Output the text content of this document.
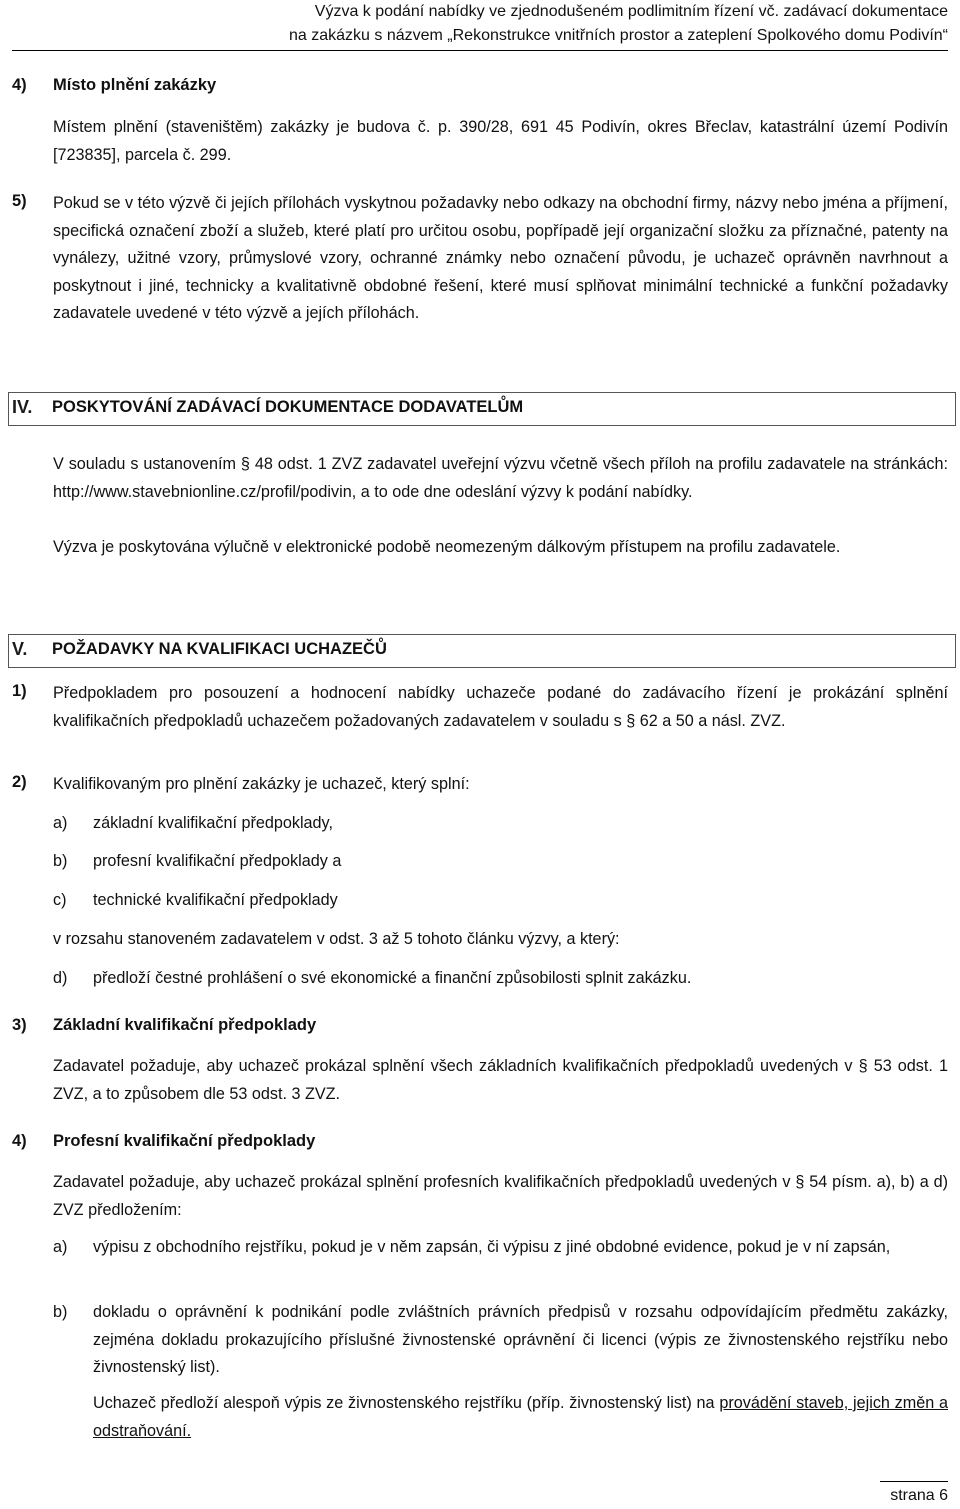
Výzva k podání nabídky ve zjednodušeném podlimitním řízení vč. zadávací dokumentace
na zakázku s názvem „Rekonstrukce vnitřních prostor a zateplení Spolkového domu Podivín“
4) Místo plnění zakázky

Místem plnění (staveništěm) zakázky je budova č. p. 390/28, 691 45 Podivín, okres Břeclav, katastrální území Podivín [723835], parcela č. 299.

5) Pokud se v této výzvě či jejích přílohách vyskytnou požadavky nebo odkazy na obchodní firmy, názvy nebo jména a příjmení, specifická označení zboží a služeb, které platí pro určitou osobu, popřípadě její organizační složku za příznačné, patenty na vynálezy, užitné vzory, průmyslové vzory, ochranné známky nebo označení původu, je uchazeč oprávněn navrhnout a poskytnout i jiné, technicky a kvalitativně obdobné řešení, které musí splňovat minimální technické a funkční požadavky zadavatele uvedené v této výzvě a jejích přílohách.

IV. POSKYTOVÁNÍ ZADÁVACÍ DOKUMENTACE DODAVATELŮM

V souladu s ustanovením § 48 odst. 1 ZVZ zadavatel uveřejní výzvu včetně všech příloh na profilu zadavatele na stránkách: http://www.stavebnionline.cz/profil/podivin, a to ode dne odeslání výzvy k podání nabídky.

Výzva je poskytována výlučně v elektronické podobě neomezeným dálkovým přístupem na profilu zadavatele.

V. POŽADAVKY NA KVALIFIKACI UCHAZEČŮ
1) Předpokladem pro posouzení a hodnocení nabídky uchazeče podané do zadávacího řízení je prokázání splnění kvalifikačních předpokladů uchazečem požadovaných zadavatelem v souladu s § 62 a 50 a násl. ZVZ.

2) Kvalifikovaným pro plnění zakázky je uchazeč, který splní:

a) základní kvalifikační předpoklady,
b) profesní kvalifikační předpoklady a
c) technické kvalifikační předpoklady

v rozsahu stanoveném zadavatelem v odst. 3 až 5 tohoto článku výzvy, a který:

d) předloží čestné prohlášení o své ekonomické a finanční způsobilosti splnit zakázku.
3) Základní kvalifikační předpoklady

Zadavatel požaduje, aby uchazeč prokázal splnění všech základních kvalifikačních předpokladů uvedených v § 53 odst. 1 ZVZ, a to způsobem dle 53 odst. 3 ZVZ.

4) Profesní kvalifikační předpoklady

Zadavatel požaduje, aby uchazeč prokázal splnění profesních kvalifikačních předpokladů uvedených v § 54 písm. a), b) a d) ZVZ předložením:

a) výpisu z obchodního rejstříku, pokud je v něm zapsán, či výpisu z jiné obdobné evidence, pokud je v ní zapsán,

b) dokladu o oprávnění k podnikání podle zvláštních právních předpisů v rozsahu odpovídajícím předmětu zakázky, zejména dokladu prokazujícího příslušné živnostenské oprávnění či licenci (výpis ze živnostenského rejstříku nebo živnostenský list).

Uchazeč předloží alespoň výpis ze živnostenského rejstříku (příp. živnostenský list) na provádění staveb, jejich změn a odstraňování.

strana 6
